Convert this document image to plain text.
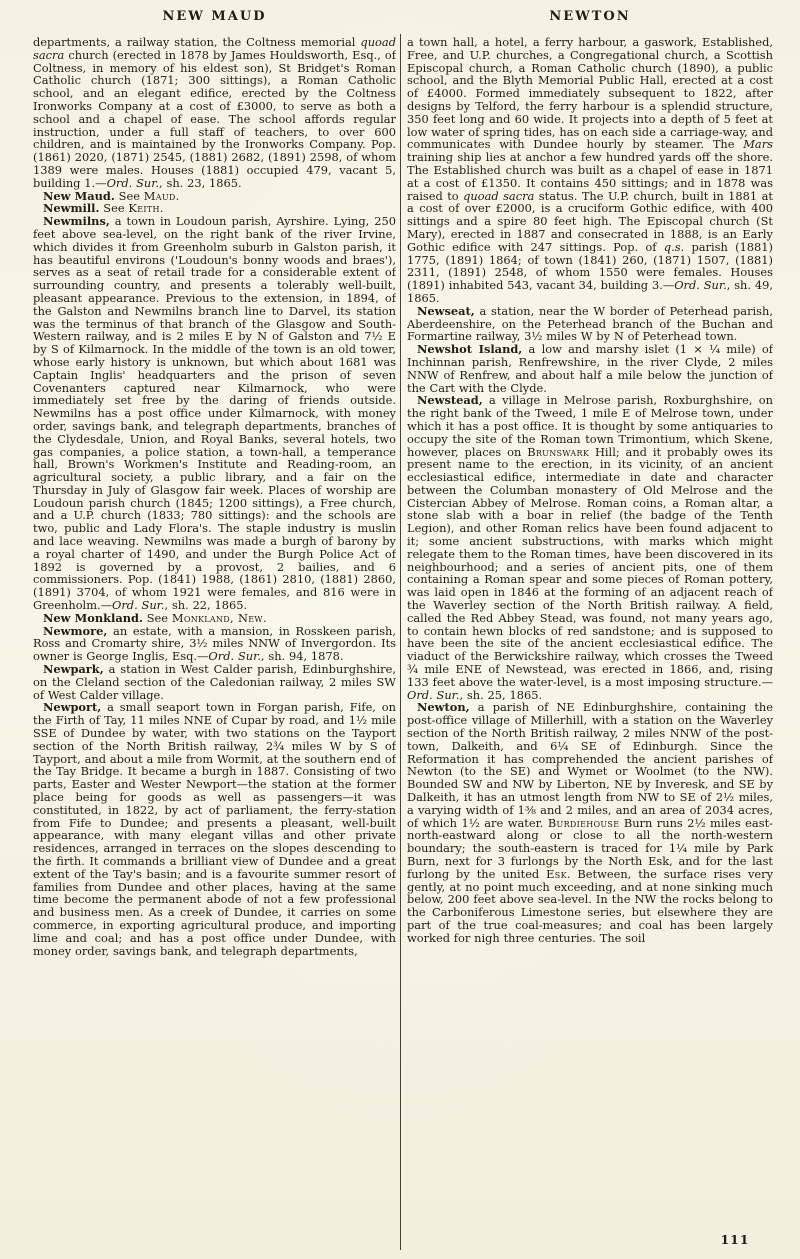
NEW MAUD	NEWTON

departments, a railway station, the Coltness memorial quoad sacra church (erected in 1878 by James Houldsworth, Esq., of Coltness, in memory of his eldest son), St Bridget's Roman Catholic church (1871; 300 sittings), a Roman Catholic school, and an elegant edifice, erected by the Coltness Ironworks Company at a cost of £3000, to serve as both a school and a chapel of ease. The school affords regular instruction, under a full staff of teachers, to over 600 children, and is maintained by the Ironworks Company. Pop. (1861) 2020, (1871) 2545, (1881) 2682, (1891) 2598, of whom 1389 were males. Houses (1881) occupied 479, vacant 5, building 1.—Ord. Sur., sh. 23, 1865.

New Maud. See Maud.

Newmill. See Keith.

Newmilns, a town in Loudoun parish, Ayrshire. Lying, 250 feet above sea-level, on the right bank of the river Irvine, which divides it from Greenholm suburb in Galston parish, it has beautiful environs ('Loudoun's bonny woods and braes'), serves as a seat of retail trade for a considerable extent of surrounding country, and presents a tolerably well-built, pleasant appearance. Previous to the extension, in 1894, of the Galston and Newmilns branch line to Darvel, its station was the terminus of that branch of the Glasgow and South-Western railway, and is 2 miles E by N of Galston and 7½ E by S of Kilmarnock. In the middle of the town is an old tower, whose early history is unknown, but which about 1681 was Captain Inglis' headquarters and the prison of seven Covenanters captured near Kilmarnock, who were immediately set free by the daring of friends outside. Newmilns has a post office under Kilmarnock, with money order, savings bank, and telegraph departments, branches of the Clydesdale, Union, and Royal Banks, several hotels, two gas companies, a police station, a town-hall, a temperance hall, Brown's Workmen's Institute and Reading-room, an agricultural society, a public library, and a fair on the Thursday in July of Glasgow fair week. Places of worship are Loudoun parish church (1845; 1200 sittings), a Free church, and a U.P. church (1833; 780 sittings): and the schools are two, public and Lady Flora's. The staple industry is muslin and lace weaving. Newmilns was made a burgh of barony by a royal charter of 1490, and under the Burgh Police Act of 1892 is governed by a provost, 2 bailies, and 6 commissioners. Pop. (1841) 1988, (1861) 2810, (1881) 2860, (1891) 3704, of whom 1921 were females, and 816 were in Greenholm.—Ord. Sur., sh. 22, 1865.

New Monkland. See Monkland, New.

Newmore, an estate, with a mansion, in Rosskeen parish, Ross and Cromarty shire, 3½ miles NNW of Invergordon. Its owner is George Inglis, Esq.—Ord. Sur., sh. 94, 1878.

Newpark, a station in West Calder parish, Edinburghshire, on the Cleland section of the Caledonian railway, 2 miles SW of West Calder village.

Newport, a small seaport town in Forgan parish, Fife, on the Firth of Tay, 11 miles NNE of Cupar by road, and 1½ mile SSE of Dundee by water, with two stations on the Tayport section of the North British railway, 2¾ miles W by S of Tayport, and about a mile from Wormit, at the southern end of the Tay Bridge. It became a burgh in 1887. Consisting of two parts, Easter and Wester Newport—the station at the former place being for goods as well as passengers—it was constituted, in 1822, by act of parliament, the ferry-station from Fife to Dundee; and presents a pleasant, well-built appearance, with many elegant villas and other private residences, arranged in terraces on the slopes descending to the firth. It commands a brilliant view of Dundee and a great extent of the Tay's basin; and is a favourite summer resort of families from Dundee and other places, having at the same time become the permanent abode of not a few professional and business men. As a creek of Dundee, it carries on some commerce, in exporting agricultural produce, and importing lime and coal; and has a post office under Dundee, with money order, savings bank, and telegraph departments,

a town hall, a hotel, a ferry harbour, a gaswork, Established, Free, and U.P. churches, a Congregational church, a Scottish Episcopal church, a Roman Catholic church (1890), a public school, and the Blyth Memorial Public Hall, erected at a cost of £4000. Formed immediately subsequent to 1822, after designs by Telford, the ferry harbour is a splendid structure, 350 feet long and 60 wide. It projects into a depth of 5 feet at low water of spring tides, has on each side a carriage-way, and communicates with Dundee hourly by steamer. The Mars training ship lies at anchor a few hundred yards off the shore. The Established church was built as a chapel of ease in 1871 at a cost of £1350. It contains 450 sittings; and in 1878 was raised to quoad sacra status. The U.P. church, built in 1881 at a cost of over £2000, is a cruciform Gothic edifice, with 400 sittings and a spire 80 feet high. The Episcopal church (St Mary), erected in 1887 and consecrated in 1888, is an Early Gothic edifice with 247 sittings. Pop. of q.s. parish (1881) 1775, (1891) 1864; of town (1841) 260, (1871) 1507, (1881) 2311, (1891) 2548, of whom 1550 were females. Houses (1891) inhabited 543, vacant 34, building 3.—Ord. Sur., sh. 49, 1865.

Newseat, a station, near the W border of Peterhead parish, Aberdeenshire, on the Peterhead branch of the Buchan and Formartine railway, 3½ miles W by N of Peterhead town.

Newshot Island, a low and marshy islet (1 × ¼ mile) of Inchinnan parish, Renfrewshire, in the river Clyde, 2 miles NNW of Renfrew, and about half a mile below the junction of the Cart with the Clyde.

Newstead, a village in Melrose parish, Roxburghshire, on the right bank of the Tweed, 1 mile E of Melrose town, under which it has a post office. It is thought by some antiquaries to occupy the site of the Roman town Trimontium, which Skene, however, places on Brunswark Hill; and it probably owes its present name to the erection, in its vicinity, of an ancient ecclesiastical edifice, intermediate in date and character between the Columban monastery of Old Melrose and the Cistercian Abbey of Melrose. Roman coins, a Roman altar, a stone slab with a boar in relief (the badge of the Tenth Legion), and other Roman relics have been found adjacent to it; some ancient substructions, with marks which might relegate them to the Roman times, have been discovered in its neighbourhood; and a series of ancient pits, one of them containing a Roman spear and some pieces of Roman pottery, was laid open in 1846 at the forming of an adjacent reach of the Waverley section of the North British railway. A field, called the Red Abbey Stead, was found, not many years ago, to contain hewn blocks of red sandstone; and is supposed to have been the site of the ancient ecclesiastical edifice. The viaduct of the Berwickshire railway, which crosses the Tweed ¾ mile ENE of Newstead, was erected in 1866, and, rising 133 feet above the water-level, is a most imposing structure.—Ord. Sur., sh. 25, 1865.

Newton, a parish of NE Edinburghshire, containing the post-office village of Millerhill, with a station on the Waverley section of the North British railway, 2 miles NNW of the post-town, Dalkeith, and 6¼ SE of Edinburgh. Since the Reformation it has comprehended the ancient parishes of Newton (to the SE) and Wymet or Woolmet (to the NW). Bounded SW and NW by Liberton, NE by Inveresk, and SE by Dalkeith, it has an utmost length from NW to SE of 2½ miles, a varying width of 1⅜ and 2 miles, and an area of 2034 acres, of which 1½ are water. Burdiehouse Burn runs 2½ miles east-north-eastward along or close to all the north-western boundary; the south-eastern is traced for 1¼ mile by Park Burn, next for 3 furlongs by the North Esk, and for the last furlong by the united Esk. Between, the surface rises very gently, at no point much exceeding, and at none sinking much below, 200 feet above sea-level. In the NW the rocks belong to the Carboniferous Limestone series, but elsewhere they are part of the true coal-measures; and coal has been largely worked for nigh three centuries. The soil

111
